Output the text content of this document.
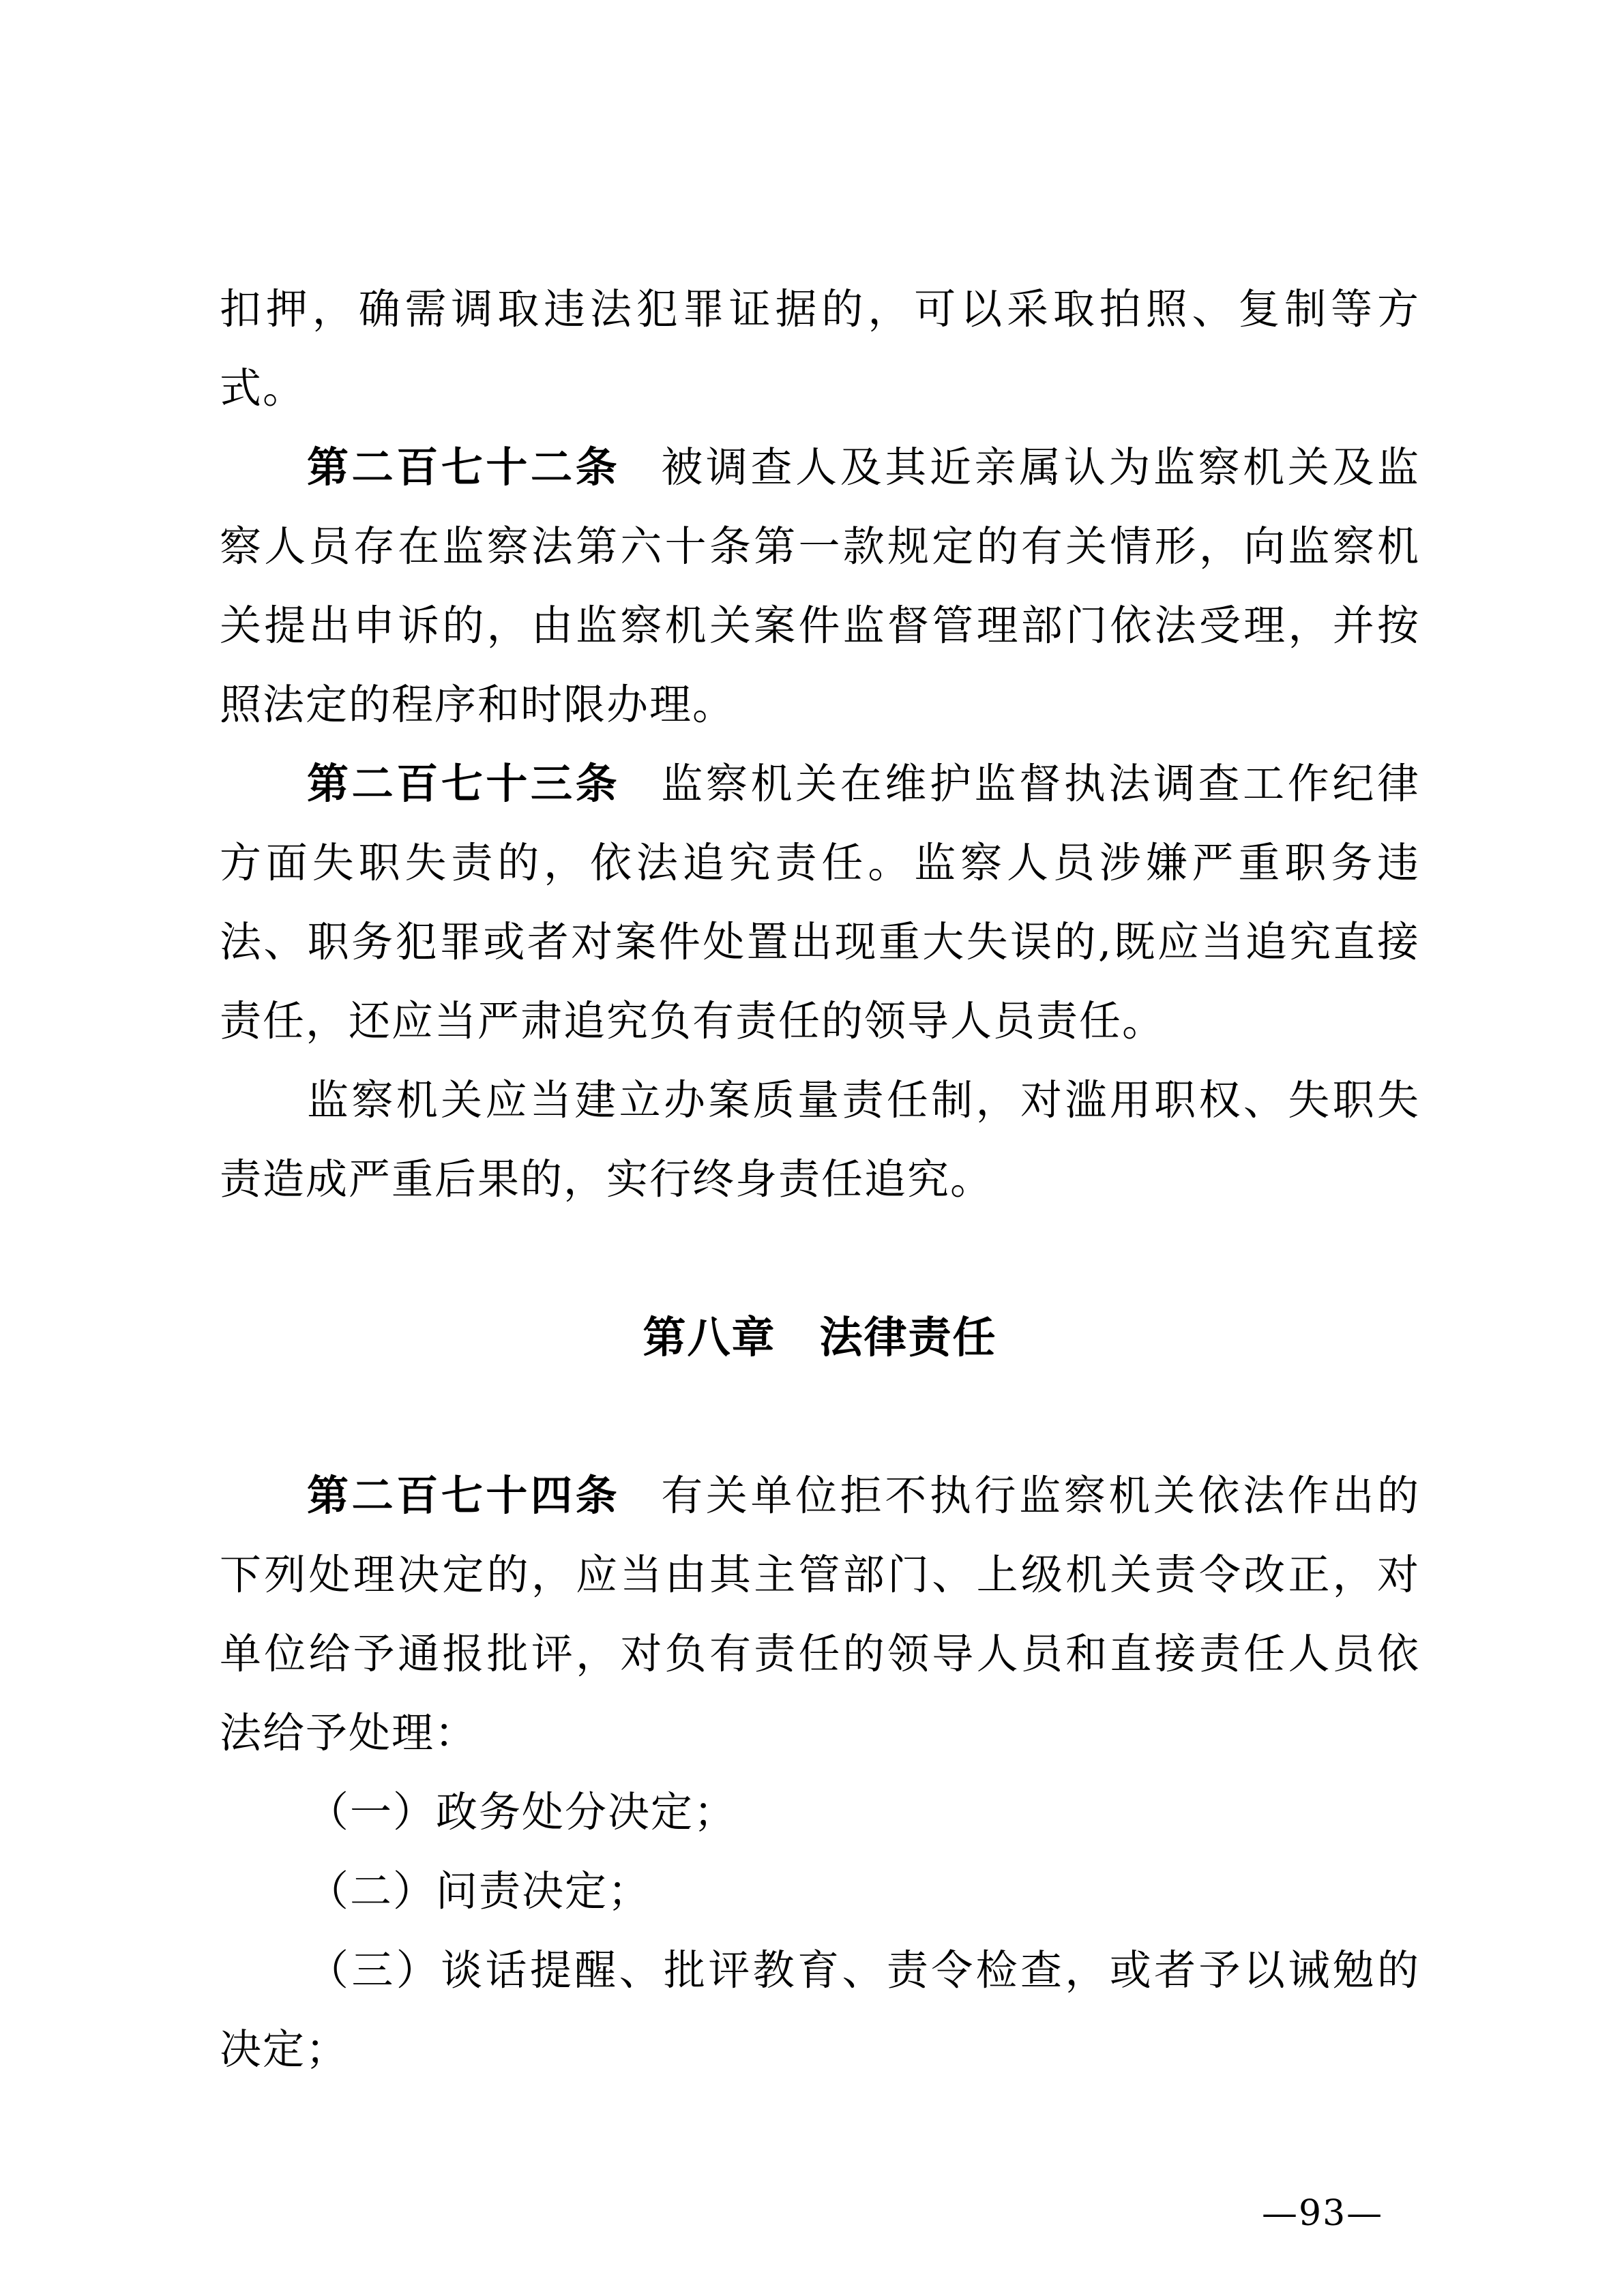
扣押，确需调取违法犯罪证据的，可以采取拍照、复制等方式。

第二百七十二条 被调查人及其近亲属认为监察机关及监察人员存在监察法第六十条第一款规定的有关情形，向监察机关提出申诉的，由监察机关案件监督管理部门依法受理，并按照法定的程序和时限办理。

第二百七十三条 监察机关在维护监督执法调查工作纪律方面失职失责的，依法追究责任。监察人员涉嫌严重职务违法、职务犯罪或者对案件处置出现重大失误的,既应当追究直接责任，还应当严肃追究负有责任的领导人员责任。

监察机关应当建立办案质量责任制，对滥用职权、失职失责造成严重后果的，实行终身责任追究。

第八章 法律责任

第二百七十四条 有关单位拒不执行监察机关依法作出的下列处理决定的，应当由其主管部门、上级机关责令改正，对单位给予通报批评，对负有责任的领导人员和直接责任人员依法给予处理：

（一）政务处分决定；

（二）问责决定；

（三）谈话提醒、批评教育、责令检查，或者予以诫勉的决定；

—93—
